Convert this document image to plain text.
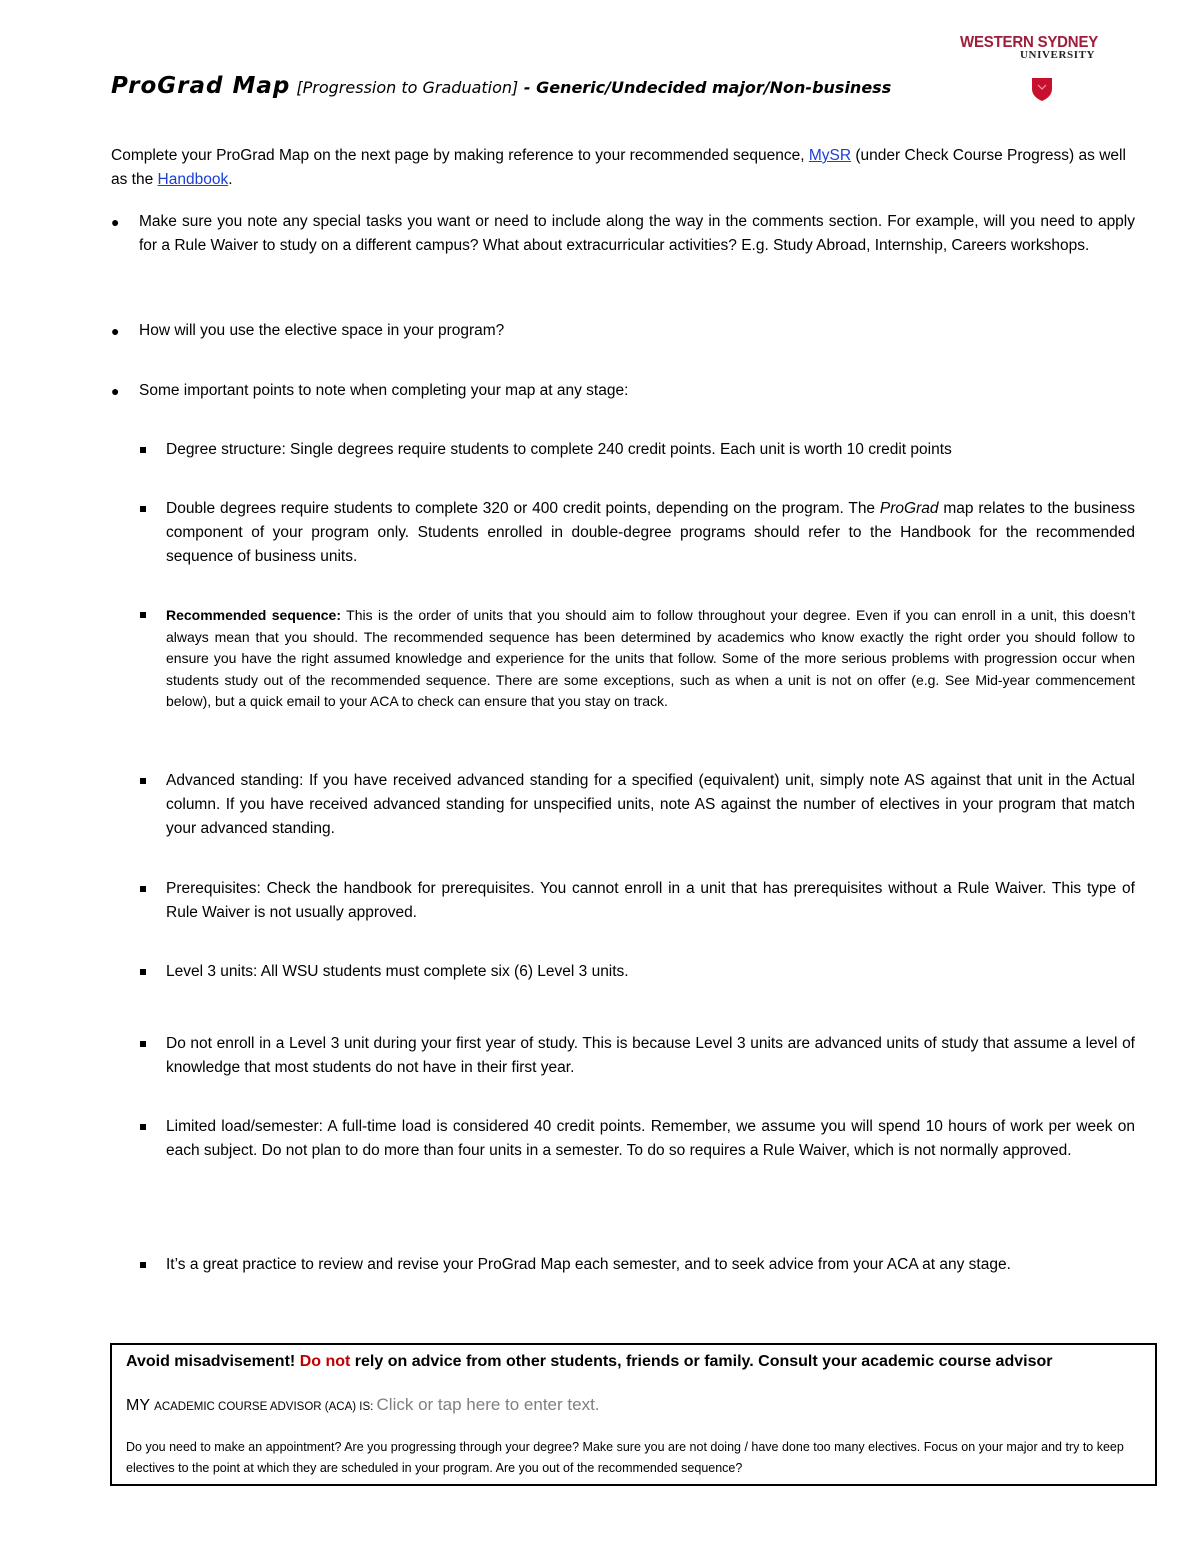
WESTERN SYDNEY
UNIVERSITY
ProGrad Map [Progression to Graduation] - Generic/Undecided major/Non-business
Complete your ProGrad Map on the next page by making reference to your recommended sequence, MySR (under Check Course Progress) as well as the Handbook.
● Make sure you note any special tasks you want or need to include along the way in the comments section. For example, will you need to apply for a Rule Waiver to study on a different campus? What about extracurricular activities? E.g. Study Abroad, Internship, Careers workshops.
● How will you use the elective space in your program?
● Some important points to note when completing your map at any stage:
Degree structure: Single degrees require students to complete 240 credit points. Each unit is worth 10 credit points
Double degrees require students to complete 320 or 400 credit points, depending on the program. The ProGrad map relates to the business component of your program only. Students enrolled in double-degree programs should refer to the Handbook for the recommended sequence of business units.
Recommended sequence: This is the order of units that you should aim to follow throughout your degree. Even if you can enroll in a unit, this doesn’t always mean that you should. The recommended sequence has been determined by academics who know exactly the right order you should follow to ensure you have the right assumed knowledge and experience for the units that follow. Some of the more serious problems with progression occur when students study out of the recommended sequence. There are some exceptions, such as when a unit is not on offer (e.g. See Mid-year commencement below), but a quick email to your ACA to check can ensure that you stay on track.
Advanced standing: If you have received advanced standing for a specified (equivalent) unit, simply note AS against that unit in the Actual column. If you have received advanced standing for unspecified units, note AS against the number of electives in your program that match your advanced standing.
Prerequisites: Check the handbook for prerequisites. You cannot enroll in a unit that has prerequisites without a Rule Waiver. This type of Rule Waiver is not usually approved.
Level 3 units: All WSU students must complete six (6) Level 3 units.
Do not enroll in a Level 3 unit during your first year of study. This is because Level 3 units are advanced units of study that assume a level of knowledge that most students do not have in their first year.
Limited load/semester: A full-time load is considered 40 credit points. Remember, we assume you will spend 10 hours of work per week on each subject. Do not plan to do more than four units in a semester. To do so requires a Rule Waiver, which is not normally approved.
It’s a great practice to review and revise your ProGrad Map each semester, and to seek advice from your ACA at any stage.
Avoid misadvisement! Do not rely on advice from other students, friends or family. Consult your academic course advisor
MY ACADEMIC COURSE ADVISOR (ACA) IS: Click or tap here to enter text.
Do you need to make an appointment? Are you progressing through your degree? Make sure you are not doing / have done too many electives. Focus on your major and try to keep electives to the point at which they are scheduled in your program. Are you out of the recommended sequence?
